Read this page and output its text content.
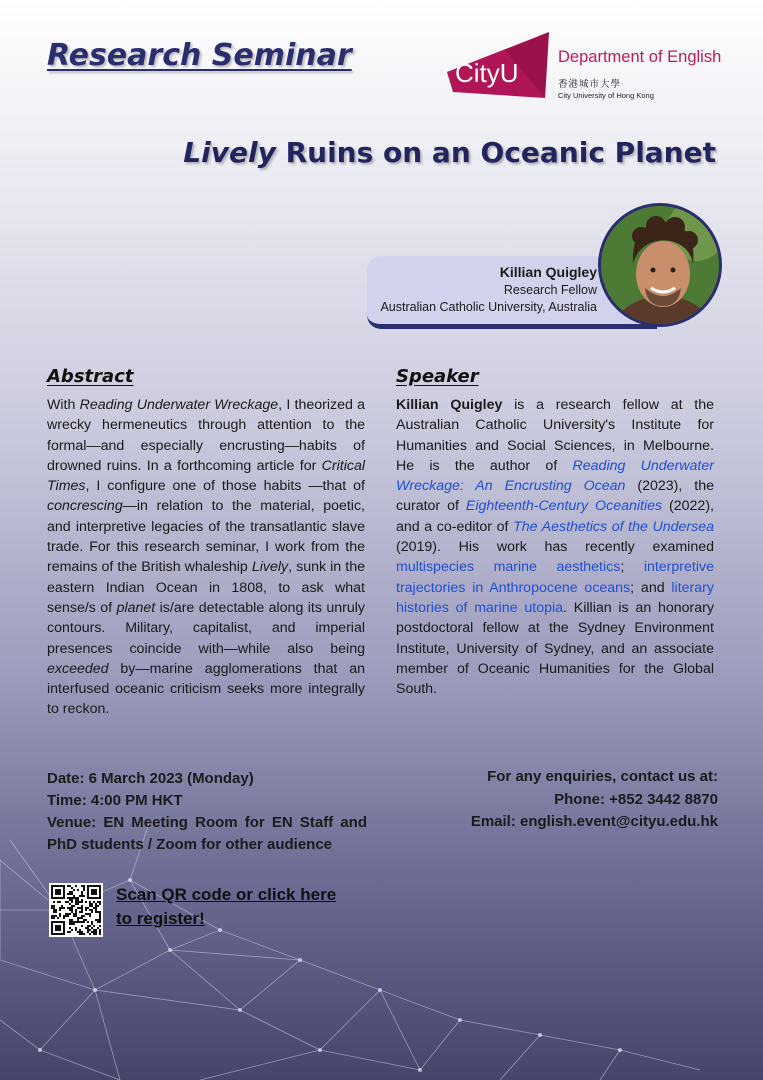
Research Seminar	CityU
Department of English
香港城市大學
City University of Hong Kong
Lively Ruins on an Oceanic Planet
Killian Quigley
Research Fellow
Australian Catholic University, Australia
Abstract

With Reading Underwater Wreckage, I theorized a wrecky hermeneutics through attention to the formal—and especially encrusting—habits of drowned ruins. In a forthcoming article for Critical Times, I configure one of those habits —that of concrescing—in relation to the material, poetic, and interpretive legacies of the transatlantic slave trade. For this research seminar, I work from the remains of the British whaleship Lively, sunk in the eastern Indian Ocean in 1808, to ask what sense/s of planet is/are detectable along its unruly contours. Military, capitalist, and imperial presences coincide with—while also being exceeded by—marine agglomerations that an interfused oceanic criticism seeks more integrally to reckon.

Speaker

Killian Quigley is a research fellow at the Australian Catholic University's Institute for Humanities and Social Sciences, in Melbourne. He is the author of Reading Underwater Wreckage: An Encrusting Ocean (2023), the curator of Eighteenth-Century Oceanities (2022), and a co-editor of The Aesthetics of the Undersea (2019). His work has recently examined multispecies marine aesthetics; interpretive trajectories in Anthropocene oceans; and literary histories of marine utopia. Killian is an honorary postdoctoral fellow at the Sydney Environment Institute, University of Sydney, and an associate member of Oceanic Humanities for the Global South.

Date: 6 March 2023 (Monday)
Time: 4:00 PM HKT
Venue: EN Meeting Room for EN Staff and PhD students / Zoom for other audience

For any enquiries, contact us at:
Phone: +852 3442 8870
Email: english.event@cityu.edu.hk

Scan QR code or click here
to register!
